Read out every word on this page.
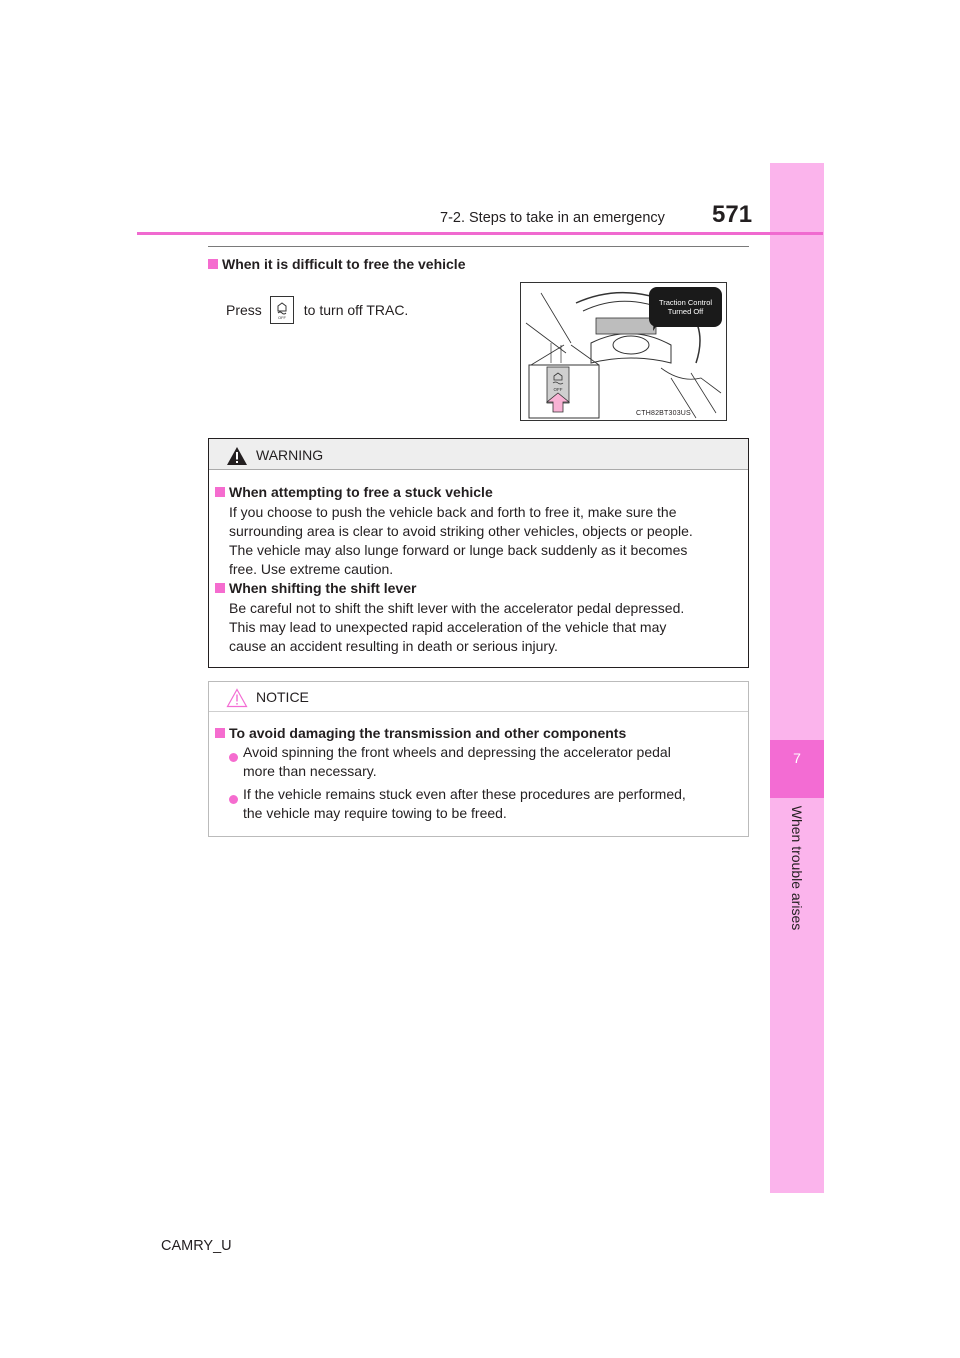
7
When trouble arises
7-2. Steps to take in an emergency 571
When it is difficult to free the vehicle
Press	OFF to turn off TRAC.
OFF
Traction Control
Turned Off
CTH82BT303US
WARNING
When attempting to free a stuck vehicle
If you choose to push the vehicle back and forth to free it, make sure the
surrounding area is clear to avoid striking other vehicles, objects or people.
The vehicle may also lunge forward or lunge back suddenly as it becomes
free. Use extreme caution.
When shifting the shift lever
Be careful not to shift the shift lever with the accelerator pedal depressed.
This may lead to unexpected rapid acceleration of the vehicle that may
cause an accident resulting in death or serious injury.
NOTICE
To avoid damaging the transmission and other components
Avoid spinning the front wheels and depressing the accelerator pedal
more than necessary.
If the vehicle remains stuck even after these procedures are performed,
the vehicle may require towing to be freed.
CAMRY_U
